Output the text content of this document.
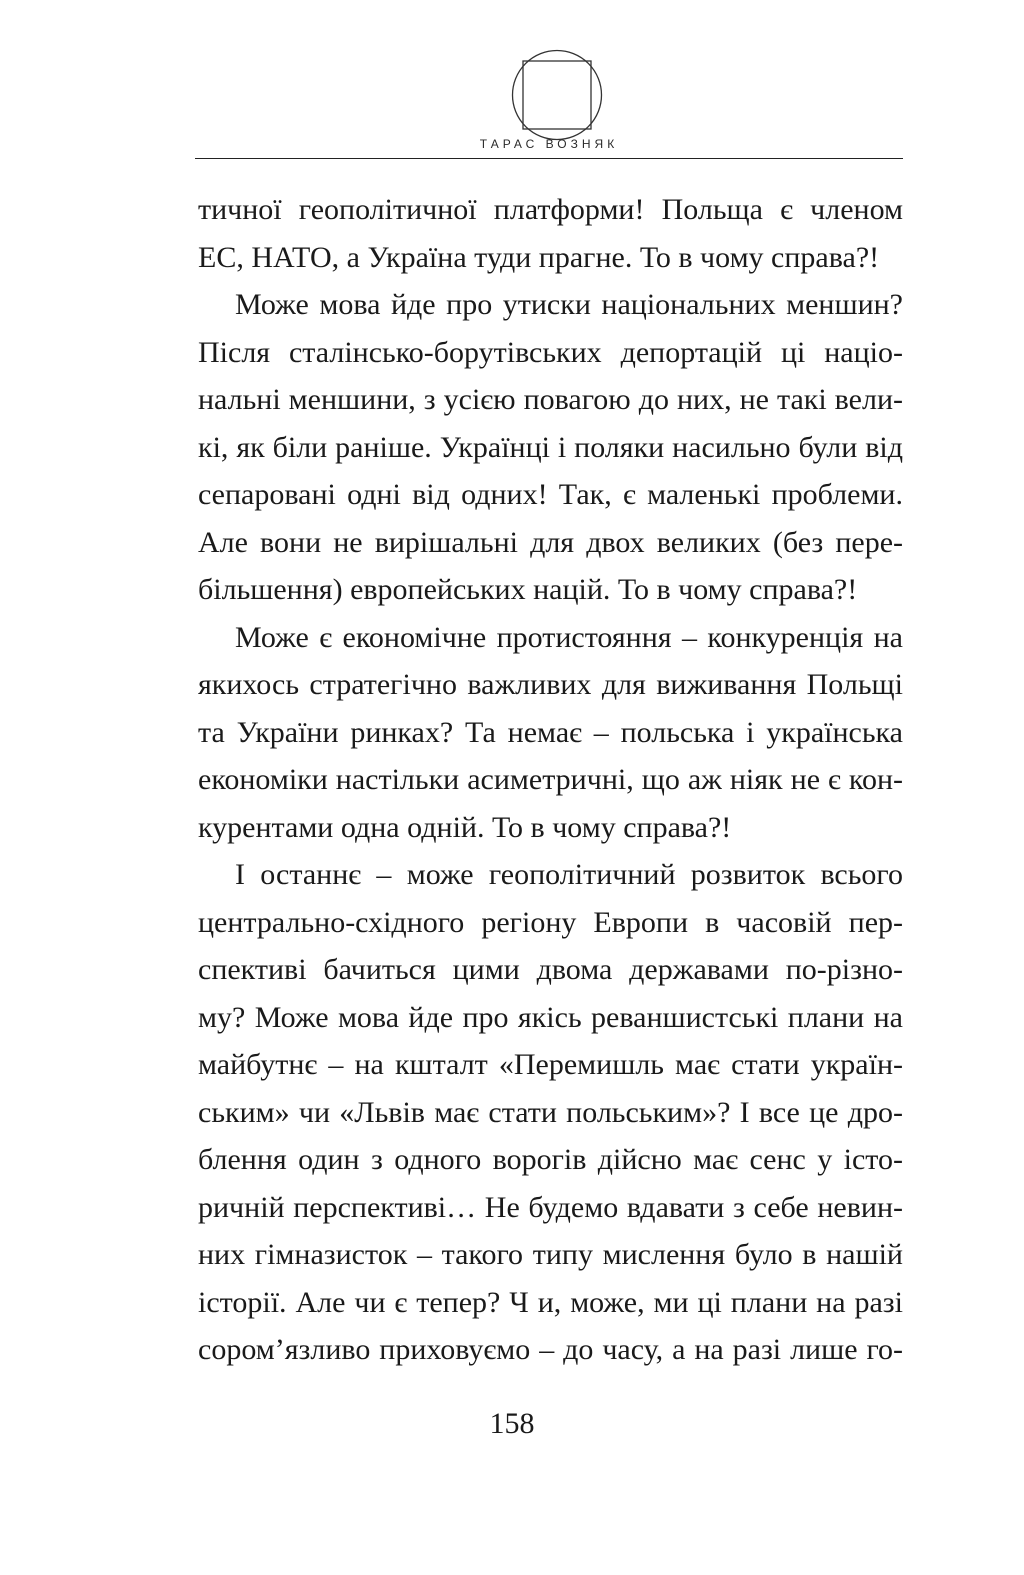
ТАРАС ВОЗНЯК
тичної геополітичної платформи! Польща є членом
ЕС, НАТО, а Україна туди прагне. То в чому справа?!
Може мова йде про утиски національних меншин?
Після сталінсько-борутівських депортацій ці націо-
нальні меншини, з усією повагою до них, не такі вели-
кі, як біли раніше. Українці і поляки насильно були від
сепаровані одні від одних! Так, є маленькі проблеми.
Але вони не вирішальні для двох великих (без пере-
більшення) европейських націй. То в чому справа?!
Може є економічне протистояння – конкуренція на
якихось стратегічно важливих для виживання Польщі
та України ринках? Та немає – польська і українська
економіки настільки асиметричні, що аж ніяк не є кон-
курентами одна одній. То в чому справа?!
І останнє – може геополітичний розвиток всього
центрально-східного регіону Европи в часовій пер-
спективі бачиться цими двома державами по-різно-
му? Може мова йде про якісь реваншистські плани на
майбутнє – на кшталт «Перемишль має стати україн-
ським» чи «Львів має стати польським»? І все це дро-
блення один з одного ворогів дійсно має сенс у істо-
ричній перспективі… Не будемо вдавати з себе невин-
них гімназисток – такого типу мислення було в нашій
історії. Але чи є тепер? Ч и, може, ми ці плани на разі
сором’язливо приховуємо – до часу, а на разі лише го-
158
